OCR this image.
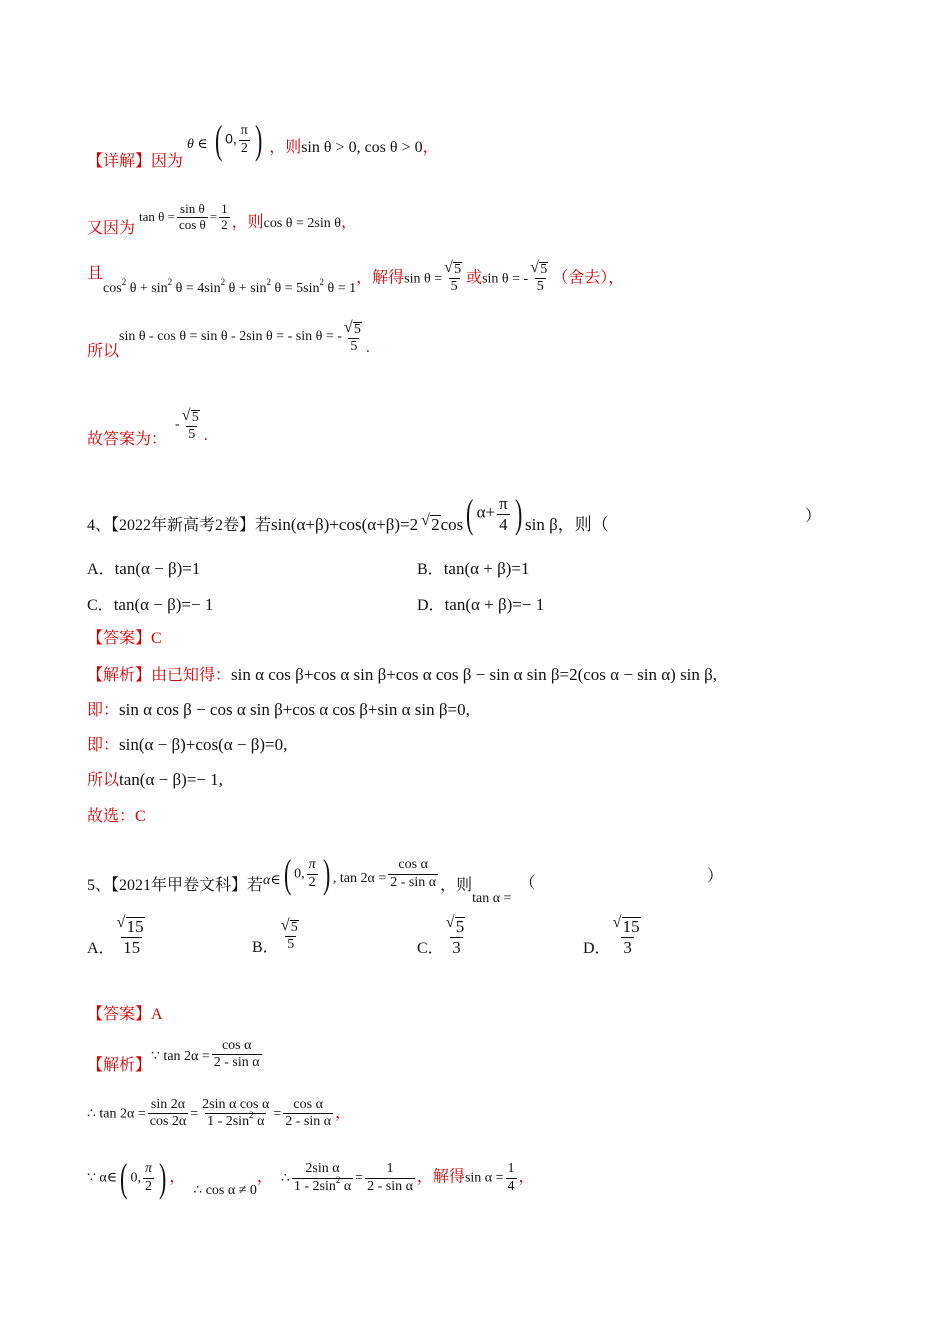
【详解】因为 θ ∈ ( 0, $\frac{\pi}{2}$ ) ，则sin θ > 0, cos θ > 0，
又因为 $\tan \theta = \frac{\text{sin θ}}{\text{cos θ}} = \frac{1}{2}$ ，则cos θ = 2sin θ，
且$\cos^2 \theta + \sin^2 \theta = 4\sin^2$ $\theta + \sin^2 \theta = 5\sin^2$ θ = 1，解得sin θ = √ $\frac{5}{5}$ 或sin θ = - √ $\frac{5}{5}$ （舍去），
所以sin θ - cos θ = sin θ - 2sin θ = - sin θ = - √ $\frac{5}{5}$ .
故答案为：- √ $\frac{5}{5}$ .
4、【2022年新高考2卷】若sin(α+β)+cos(α+β)=2 √ 2cos( $\alpha+ \frac{\pi}{4}$ ) sin β，则（	）
A．tan(α − β)=1	B．tan(α + β)=1
C．tan(α − β)=− 1	D．tan(α + β)=− 1
【答案】C
【解析】由已知得：sin α cos β+cos α sin β+cos α cos β − sin α sin β=2(cos α − sin α) sin β,
即：sin α cos β − cos α sin β+cos α cos β+sin α sin β=0,
即：sin(α − β)+cos(α − β)=0,
所以tan(α − β)=− 1,
故选：C
5、【2021年甲卷文科】若α∈( 0, $\frac{\pi}{2}$ ) , $\tan 2\alpha = \frac{\text{cos α}}{\text{2 - sin α}}$ ，则tan α =（	）
A． √ $\frac{15}{15}$	B． √ $\frac{5}{5}$	C． √ $\frac{5}{3}$	D． √ $\frac{15}{3}$
【答案】A
【解析】∵ $\tan 2\alpha = \frac{\text{cos α}}{\text{2 - sin α}}$
∴ $\tan 2\alpha = \frac{\sin 2\alpha}{\cos 2\alpha} = \frac{\text{2sin α cos α}}{1 - 2\sin^2 \alpha} = \frac{\text{cos α}}{\text{2 - sin α}}$ ，
∵ α∈( 0, $\frac{\pi}{2}$ ) ，∴ cos α ≠ 0， ∴ $\frac{\text{2sin α}}{1 - 2\sin^2 \alpha} = \frac{1}{\text{2 - sin α}}$ ，解得$\sin \alpha = \frac{1}{4}$ ，
